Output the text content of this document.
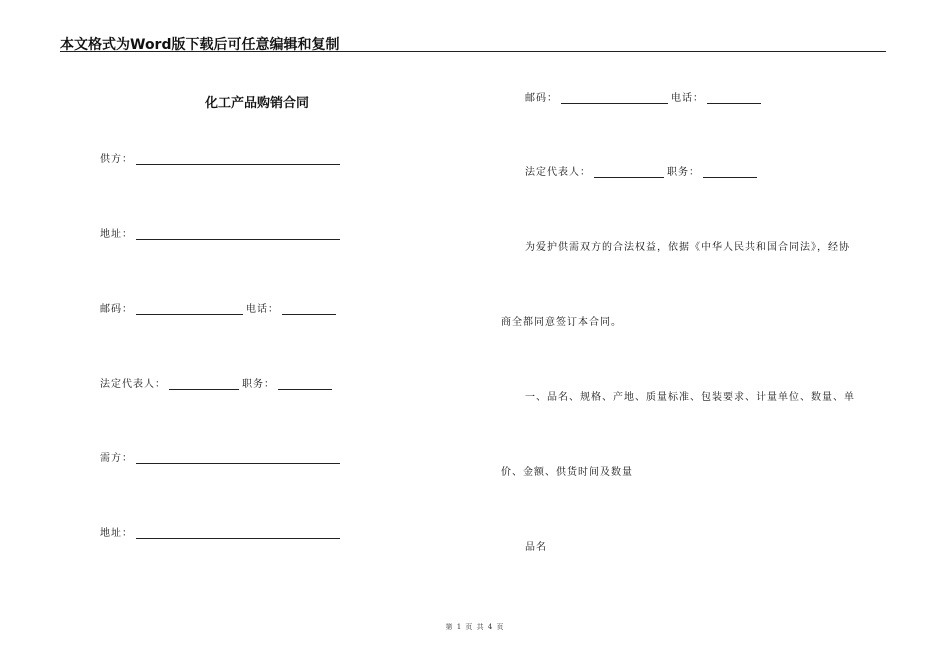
本文格式为Word版下载后可任意编辑和复制
化工产品购销合同
供方：
地址：
邮码：	电话：
法定代表人：	职务：
需方：
地址：
邮码：	电话：
法定代表人：	职务：
为爱护供需双方的合法权益，依据《中华人民共和国合同法》，经协
商全都同意签订本合同。
一、品名、规格、产地、质量标准、包装要求、计量单位、数量、单
价、金额、供货时间及数量
品名
第 1 页 共 4 页
